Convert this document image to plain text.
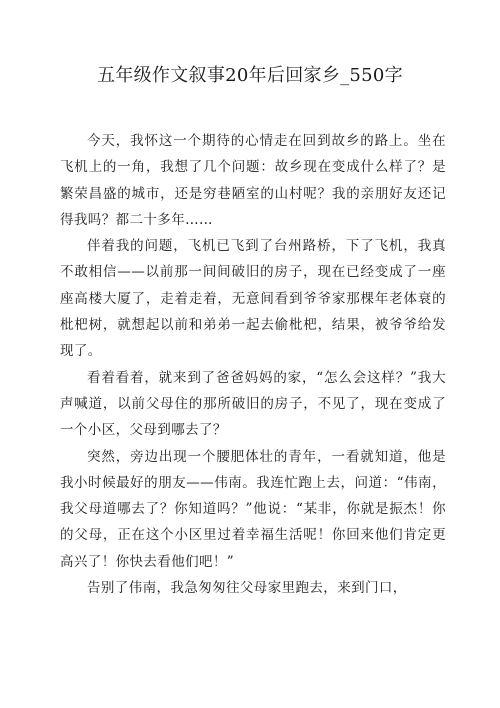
五年级作文叙事20年后回家乡_550字

今天，我怀这一个期待的心情走在回到故乡的路上。坐在飞机上的一角，我想了几个问题：故乡现在变成什么样了？是繁荣昌盛的城市，还是穷巷陋室的山村呢？我的亲朋好友还记得我吗？都二十多年……

伴着我的问题，飞机已飞到了台州路桥，下了飞机，我真不敢相信——以前那一间间破旧的房子，现在已经变成了一座座高楼大厦了，走着走着，无意间看到爷爷家那棵年老体衰的枇杷树，就想起以前和弟弟一起去偷枇杷，结果，被爷爷给发现了。

看着看着，就来到了爸爸妈妈的家，“怎么会这样？”我大声喊道，以前父母住的那所破旧的房子，不见了，现在变成了一个小区，父母到哪去了？

突然，旁边出现一个腰肥体壮的青年，一看就知道，他是我小时候最好的朋友——伟南。我连忙跑上去，问道：“伟南，我父母道哪去了？你知道吗？”他说：“某非，你就是振杰！你的父母，正在这个小区里过着幸福生活呢！你回来他们肯定更高兴了！你快去看他们吧！”

告别了伟南，我急匆匆往父母家里跑去，来到门口，
